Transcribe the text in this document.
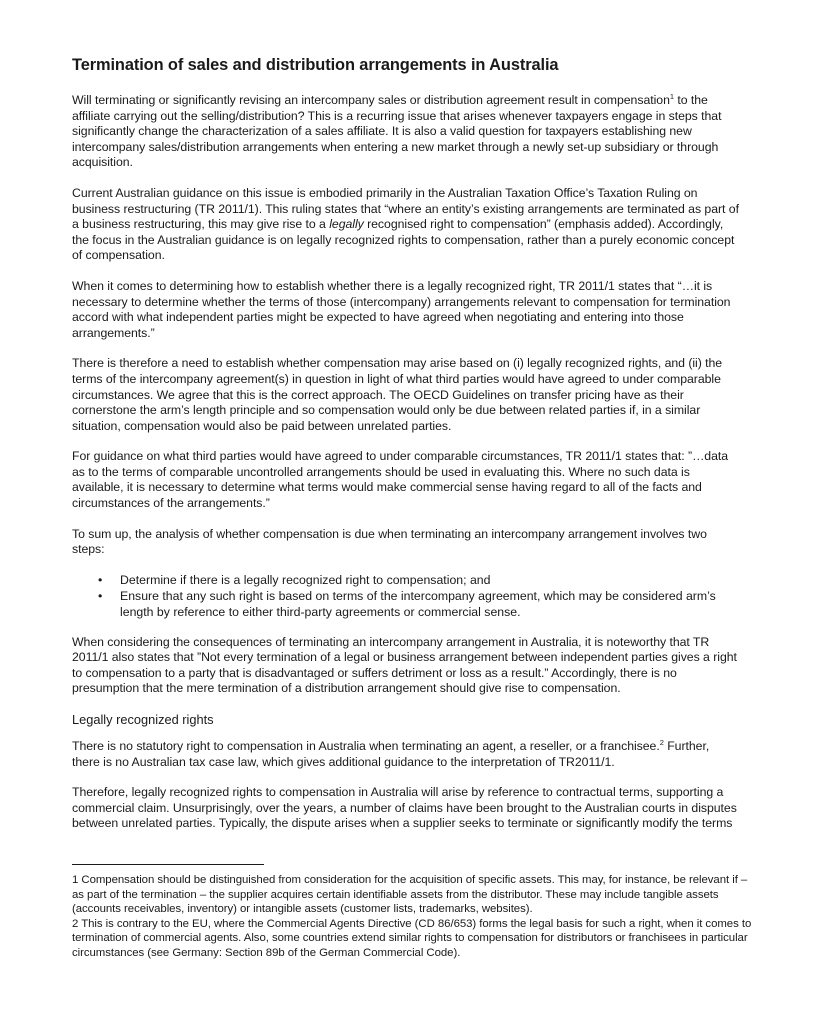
Termination of sales and distribution arrangements in Australia

Will terminating or significantly revising an intercompany sales or distribution agreement result in compensation$^1$ to the affiliate carrying out the selling/distribution? This is a recurring issue that arises whenever taxpayers engage in steps that significantly change the characterization of a sales affiliate. It is also a valid question for taxpayers establishing new intercompany sales/distribution arrangements when entering a new market through a newly set-up subsidiary or through acquisition.

Current Australian guidance on this issue is embodied primarily in the Australian Taxation Office’s Taxation Ruling on business restructuring (TR 2011/1). This ruling states that “where an entity’s existing arrangements are terminated as part of a business restructuring, this may give rise to a legally recognised right to compensation” (emphasis added). Accordingly, the focus in the Australian guidance is on legally recognized rights to compensation, rather than a purely economic concept of compensation.

When it comes to determining how to establish whether there is a legally recognized right, TR 2011/1 states that “…it is necessary to determine whether the terms of those (intercompany) arrangements relevant to compensation for termination accord with what independent parties might be expected to have agreed when negotiating and entering into those arrangements.”

There is therefore a need to establish whether compensation may arise based on (i) legally recognized rights, and (ii) the terms of the intercompany agreement(s) in question in light of what third parties would have agreed to under comparable circumstances. We agree that this is the correct approach. The OECD Guidelines on transfer pricing have as their cornerstone the arm’s length principle and so compensation would only be due between related parties if, in a similar situation, compensation would also be paid between unrelated parties.

For guidance on what third parties would have agreed to under comparable circumstances, TR 2011/1 states that: ”…data as to the terms of comparable uncontrolled arrangements should be used in evaluating this. Where no such data is available, it is necessary to determine what terms would make commercial sense having regard to all of the facts and circumstances of the arrangements.”

To sum up, the analysis of whether compensation is due when terminating an intercompany arrangement involves two steps:

• Determine if there is a legally recognized right to compensation; and
• Ensure that any such right is based on terms of the intercompany agreement, which may be considered arm’s length by reference to either third-party agreements or commercial sense.

When considering the consequences of terminating an intercompany arrangement in Australia, it is noteworthy that TR 2011/1 also states that ”Not every termination of a legal or business arrangement between independent parties gives a right to compensation to a party that is disadvantaged or suffers detriment or loss as a result.” Accordingly, there is no presumption that the mere termination of a distribution arrangement should give rise to compensation.

Legally recognized rights

There is no statutory right to compensation in Australia when terminating an agent, a reseller, or a franchisee.$^2$ Further, there is no Australian tax case law, which gives additional guidance to the interpretation of TR2011/1.

Therefore, legally recognized rights to compensation in Australia will arise by reference to contractual terms, supporting a commercial claim. Unsurprisingly, over the years, a number of claims have been brought to the Australian courts in disputes between unrelated parties. Typically, the dispute arises when a supplier seeks to terminate or significantly modify the terms

1 Compensation should be distinguished from consideration for the acquisition of specific assets. This may, for instance, be relevant if – as part of the termination – the supplier acquires certain identifiable assets from the distributor. These may include tangible assets (accounts receivables, inventory) or intangible assets (customer lists, trademarks, websites).

2 This is contrary to the EU, where the Commercial Agents Directive (CD 86/653) forms the legal basis for such a right, when it comes to termination of commercial agents. Also, some countries extend similar rights to compensation for distributors or franchisees in particular circumstances (see Germany: Section 89b of the German Commercial Code).
